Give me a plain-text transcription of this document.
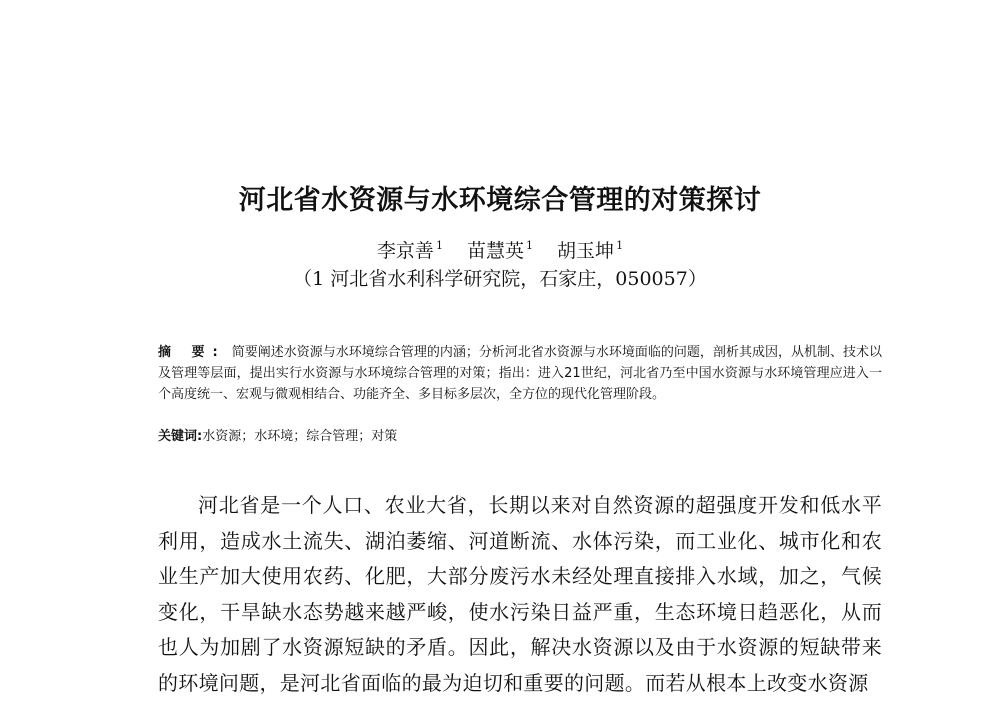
河北省水资源与水环境综合管理的对策探讨
李京善 $^1$ 苗慧英 $^1$ 胡玉坤 $^1$
（1 河北省水利科学研究院，石家庄，050057）
摘 要: 简要阐述水资源与水环境综合管理的内涵；分析河北省水资源与水环境面临的问题，剖析其成因，从机制、技术以及管理等层面，提出实行水资源与水环境综合管理的对策；指出：进入21世纪，河北省乃至中国水资源与水环境管理应进入一个高度统一、宏观与微观相结合、功能齐全、多目标多层次，全方位的现代化管理阶段。
关键词:水资源；水环境；综合管理；对策
河北省是一个人口、农业大省，长期以来对自然资源的超强度开发和低水平利用，造成水土流失、湖泊萎缩、河道断流、水体污染，而工业化、城市化和农业生产加大使用农药、化肥，大部分废污水未经处理直接排入水域，加之，气候变化，干旱缺水态势越来越严峻，使水污染日益严重，生态环境日趋恶化，从而也人为加剧了水资源短缺的矛盾。因此，解决水资源以及由于水资源的短缺带来的环境问题，是河北省面临的最为迫切和重要的问题。而若从根本上改变水资源
